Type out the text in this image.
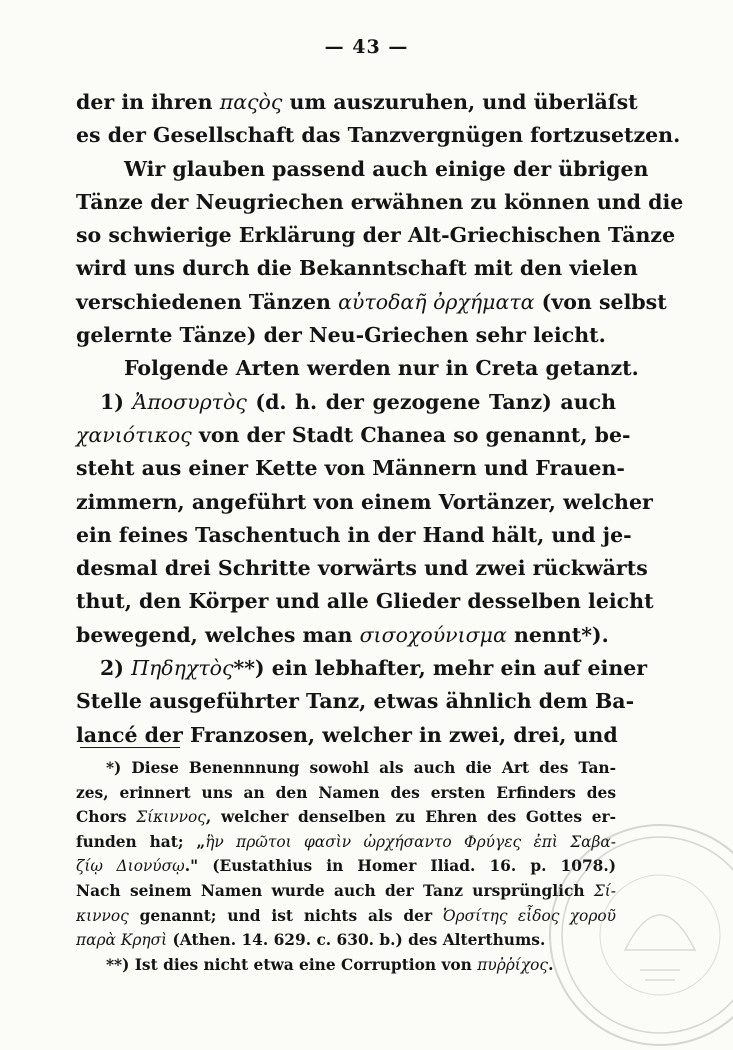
— 43 —
der in ihren παςὸς um auszuruhen, und überläſst
es der Gesellschaft das Tanzvergnügen fortzusetzen.
Wir glauben passend auch einige der übrigen
Tänze der Neugriechen erwähnen zu können und die
so schwierige Erklärung der Alt-Griechischen Tänze
wird uns durch die Bekanntschaft mit den vielen
verschiedenen Tänzen αὐτοδαῆ ὀρχήματα (von selbst
gelernte Tänze) der Neu-Griechen sehr leicht.
Folgende Arten werden nur in Creta getanzt.
1) Ἀποσυρτὸς (d. h. der gezogene Tanz) auch
χανιότικος von der Stadt Chanea so genannt, be-
steht aus einer Kette von Männern und Frauen-
zimmern, angeführt von einem Vortänzer, welcher
ein feines Taschentuch in der Hand hält, und je-
desmal drei Schritte vorwärts und zwei rückwärts
thut, den Körper und alle Glieder desselben leicht
bewegend, welches man σισοχούνισμα nennt*).
2) Πηδηχτὸς**) ein lebhafter, mehr ein auf einer
Stelle ausgeführter Tanz, etwas ähnlich dem Ba-
lancé der Franzosen, welcher in zwei, drei, und
*) Diese Benennnung sowohl als auch die Art des Tan-
zes, erinnert uns an den Namen des ersten Erfinders des
Chors Σίκιννος, welcher denselben zu Ehren des Gottes er-
funden hat; „ἣν πρῶτοι φασὶν ὠρχήσαντο Φρύγες ἐπὶ Σαβα-
ζίῳ Διονύσῳ." (Eustathius in Homer Iliad. 16. p. 1078.)
Nach seinem Namen wurde auch der Tanz ursprünglich Σί-
κιννος genannt; und ist nichts als der Ὀρσίτης εἶδος χοροῦ
παρὰ Κρησὶ (Athen. 14. 629. c. 630. b.) des Alterthums.
**) Ist dies nicht etwa eine Corruption von πυῤῥίχος.
